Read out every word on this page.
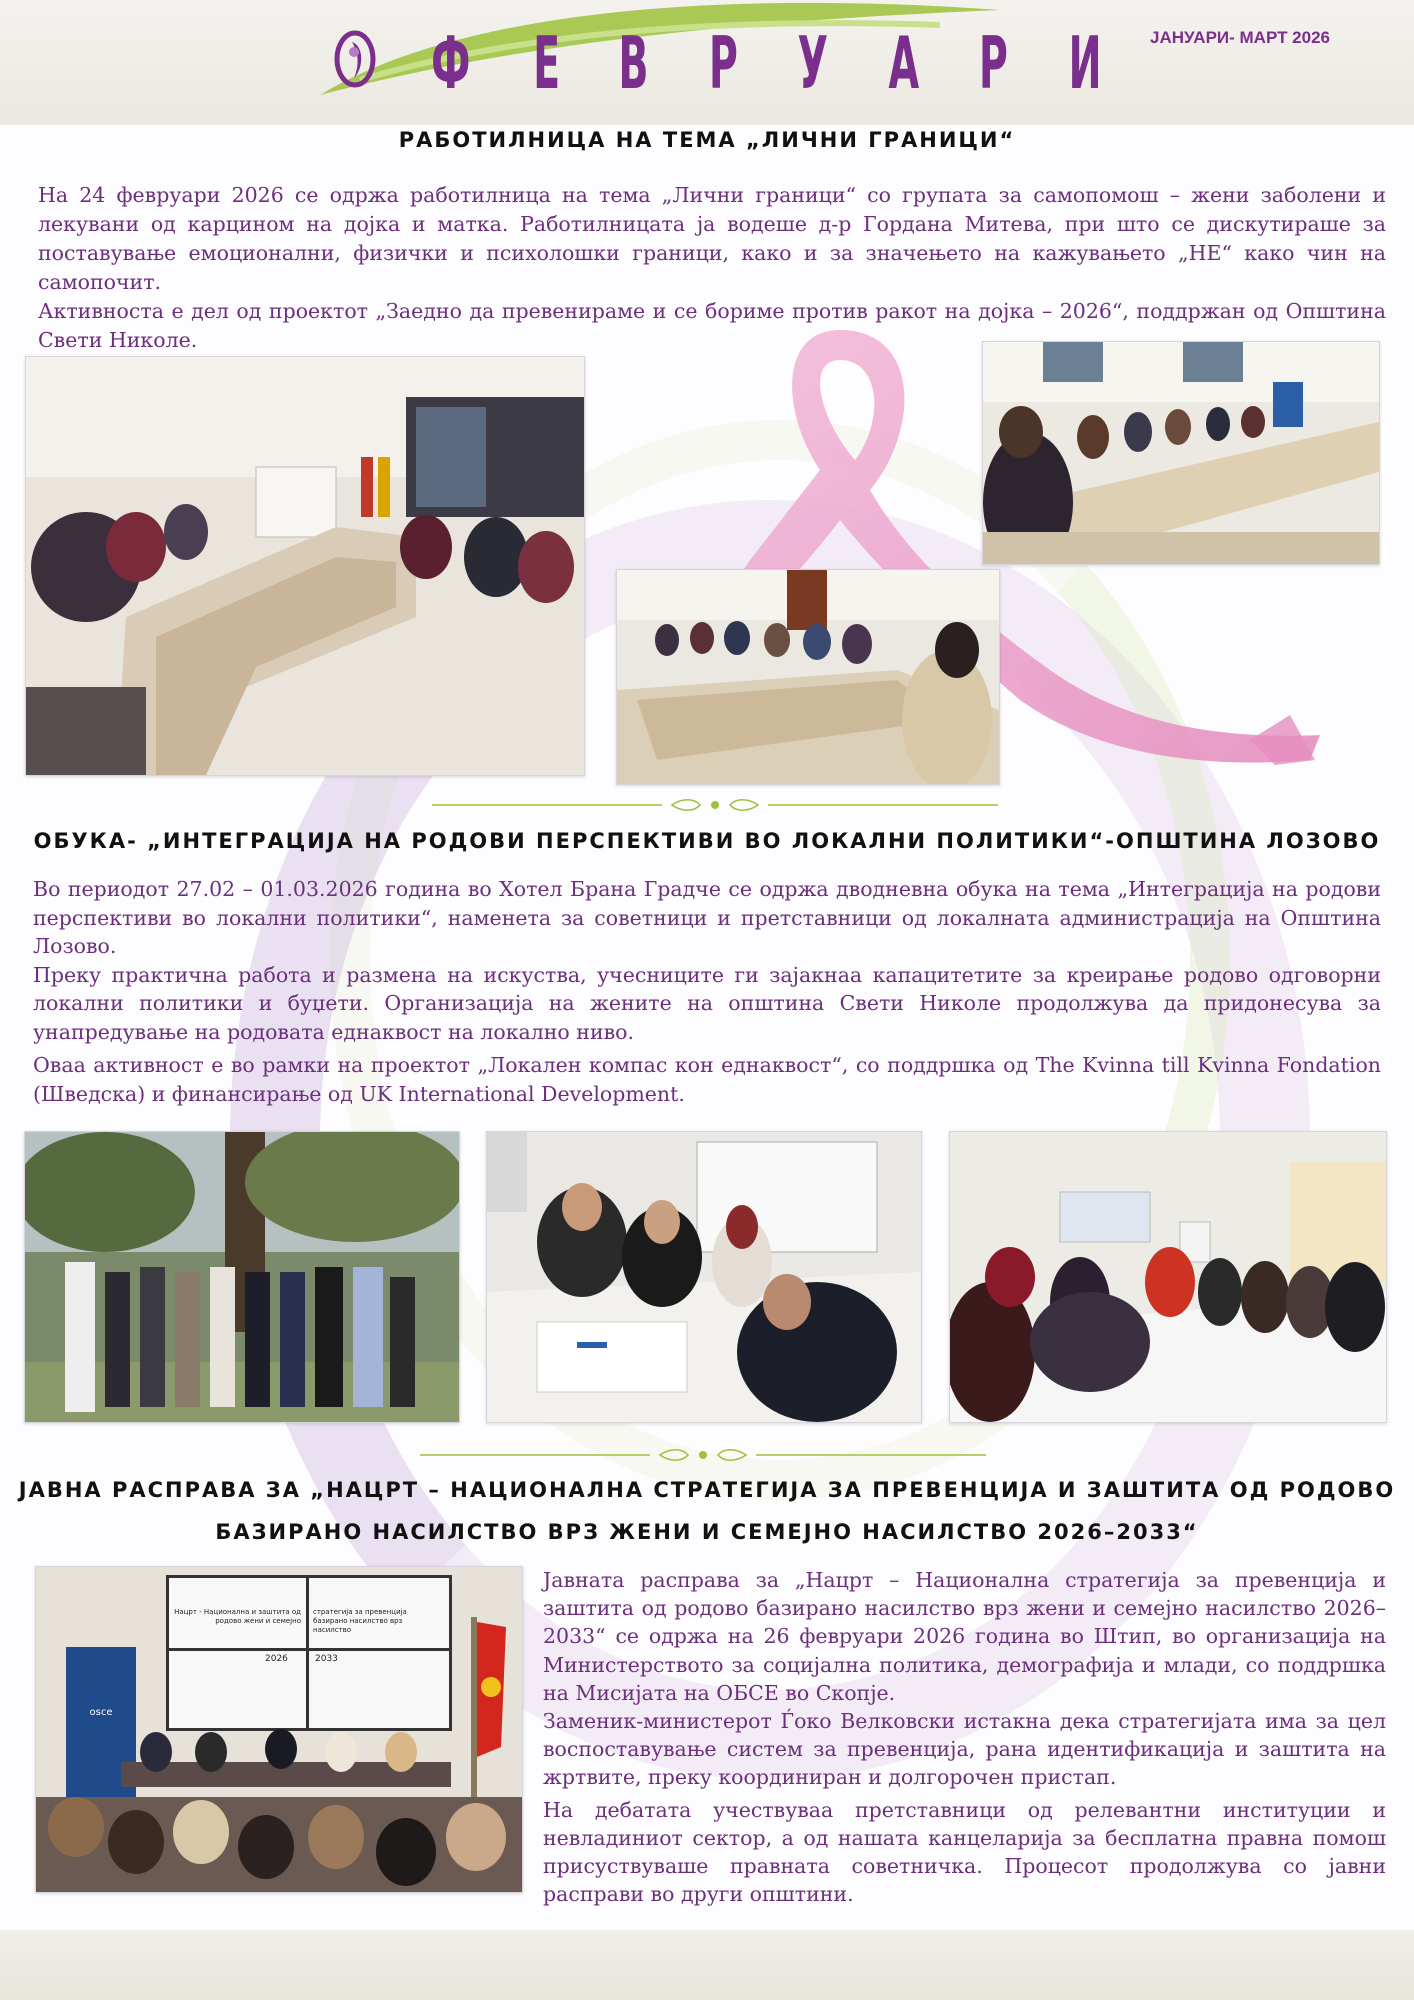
Ф Е В Р У А Р И	ЈАНУАРИ- МАРТ 2026
РАБОТИЛНИЦА НА ТЕМА „ЛИЧНИ ГРАНИЦИ“

На 24 февруари 2026 се одржа работилница на тема „Лични граници“ со групата за самопомош – жени заболени и лекувани од карцином на дојка и матка. Работилницата ја водеше д-р Гордана Митева, при што се дискутираше за поставување емоционални, физички и психолошки граници, како и за значењето на кажувањето „НЕ“ како чин на самопочит.

Активноста е дел од проектот „Заедно да превенираме и се бориме против ракот на дојка – 2026“, поддржан од Општина Свети Николе.

ОБУКА- „ИНТЕГРАЦИЈА НА РОДОВИ ПЕРСПЕКТИВИ ВО ЛОКАЛНИ ПОЛИТИКИ“-ОПШТИНА ЛОЗОВО

Во периодот 27.02 – 01.03.2026 година во Хотел Брана Градче се одржа дводневна обука на тема „Интеграција на родови перспективи во локални политики“, наменета за советници и претставници од локалната администрација на Општина Лозово.

Преку практична работа и размена на искуства, учесниците ги зајакнаа капацитетите за креирање родово одговорни локални политики и буџети. Организација на жените на општина Свети Николе продолжува да придонесува за унапредување на родовата еднаквост на локално ниво.

Оваа активност е во рамки на проектот „Локален компас кон еднаквост“, со поддршка од The Kvinna till Kvinna Fondation (Шведска) и финансирање од UK International Development.

ЈАВНА РАСПРАВА ЗА „НАЦРТ – НАЦИОНАЛНА СТРАТЕГИЈА ЗА ПРЕВЕНЦИЈА И ЗАШТИТА ОД РОДОВО
БАЗИРАНО НАСИЛСТВО ВРЗ ЖЕНИ И СЕМЕЈНО НАСИЛСТВО 2026–2033“
Нацрт - Национална и заштита од родово жени и семејно
стратегија за превенција базирано насилство врз насилство
2026	2033
osce

Јавната расправа за „Нацрт – Национална стратегија за превенција и заштита од родово базирано насилство врз жени и семејно насилство 2026–2033“ се одржа на 26 февруари 2026 година во Штип, во организација на Министерството за социјална политика, демографија и млади, со поддршка на Мисијата на ОБСЕ во Скопје.

Заменик-министерот Ѓоко Велковски истакна дека стратегијата има за цел воспоставување систем за превенција, рана идентификација и заштита на жртвите, преку координиран и долгорочен пристап.

На дебатата учествуваа претставници од релевантни институции и невладиниот сектор, а од нашата канцеларија за бесплатна правна помош присуствуваше правната советничка. Процесот продолжува со јавни расправи во други општини.
